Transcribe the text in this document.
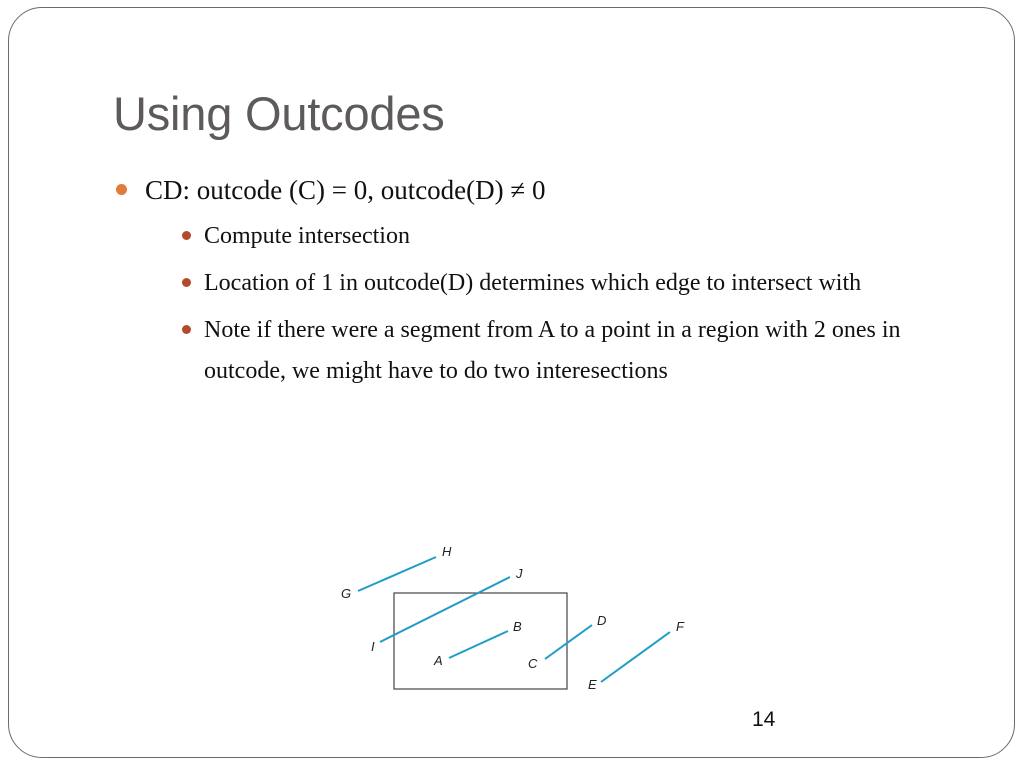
Using Outcodes
CD: outcode (C) = 0, outcode(D) ≠ 0
Compute intersection
Location of 1 in outcode(D) determines which edge to intersect with
Note if there were a segment from A to a point in a region with 2 ones in outcode, we might have to do two interesections
G
H
I
J
A
B
C
D
E
F
14
